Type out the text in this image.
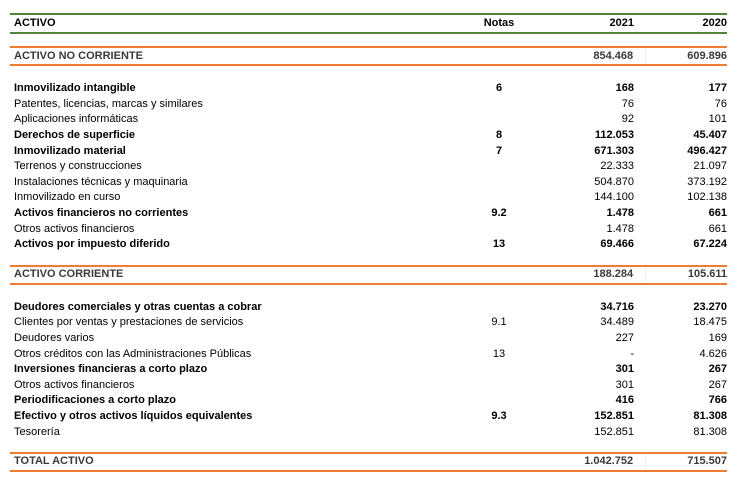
ACTIVO	Notas	2021	2020
ACTIVO NO CORRIENTE	854.468	609.896
Inmovilizado intangible	6	168	177
Patentes, licencias, marcas y similares	76	76
Aplicaciones informáticas	92	101
Derechos de superficie	8	112.053	45.407
Inmovilizado material	7	671.303	496.427
Terrenos y construcciones	22.333	21.097
Instalaciones técnicas y maquinaria	504.870	373.192
Inmovilizado en curso	144.100	102.138
Activos financieros no corrientes	9.2	1.478	661
Otros activos financieros	1.478	661
Activos por impuesto diferido	13	69.466	67.224
ACTIVO CORRIENTE	188.284	105.611
Deudores comerciales y otras cuentas a cobrar	34.716	23.270
Clientes por ventas y prestaciones de servicios	9.1	34.489	18.475
Deudores varios	227	169
Otros créditos con las Administraciones Públicas	13	-	4.626
Inversiones financieras a corto plazo	301	267
Otros activos financieros	301	267
Periodificaciones a corto plazo	416	766
Efectivo y otros activos líquidos equivalentes	9.3	152.851	81.308
Tesorería	152.851	81.308
TOTAL ACTIVO	1.042.752	715.507
